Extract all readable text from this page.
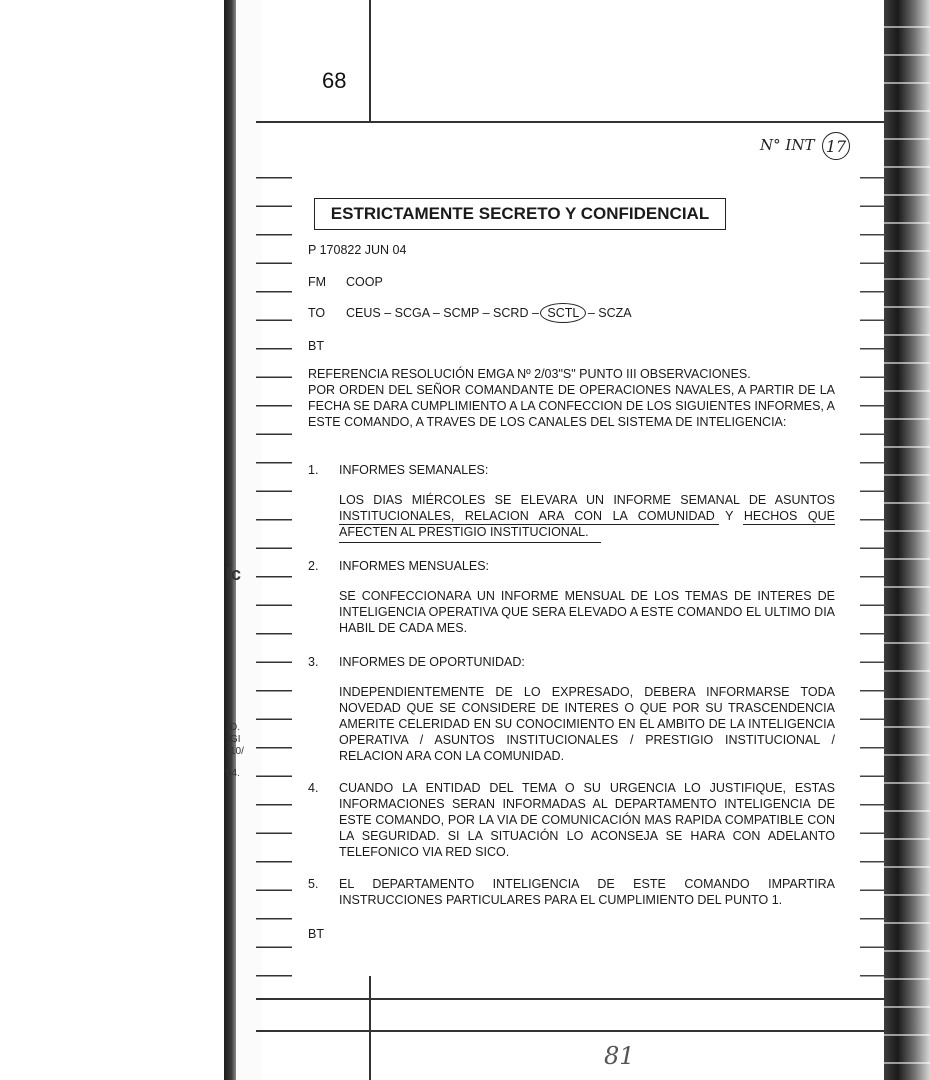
Ic
D.
GI
10/
'04.
68
N° INT 17
ESTRICTAMENTE SECRETO Y CONFIDENCIAL
P 170822 JUN 04
FM COOP
TO CEUS – SCGA – SCMP – SCRD – SCTL – SCZA
BT
REFERENCIA RESOLUCIÓN EMGA Nº 2/03"S" PUNTO III OBSERVACIONES.
POR ORDEN DEL SEÑOR COMANDANTE DE OPERACIONES NAVALES, A PARTIR DE LA FECHA SE DARA CUMPLIMIENTO A LA CONFECCION DE LOS SIGUIENTES INFORMES, A ESTE COMANDO, A TRAVES DE LOS CANALES DEL SISTEMA DE INTELIGENCIA:
1. INFORMES SEMANALES:
LOS DIAS MIÉRCOLES SE ELEVARA UN INFORME SEMANAL DE ASUNTOS INSTITUCIONALES, RELACION ARA CON LA COMUNIDAD Y HECHOS QUE AFECTEN AL PRESTIGIO INSTITUCIONAL.
2. INFORMES MENSUALES:
SE CONFECCIONARA UN INFORME MENSUAL DE LOS TEMAS DE INTERES DE INTELIGENCIA OPERATIVA QUE SERA ELEVADO A ESTE COMANDO EL ULTIMO DIA HABIL DE CADA MES.
3. INFORMES DE OPORTUNIDAD:
INDEPENDIENTEMENTE DE LO EXPRESADO, DEBERA INFORMARSE TODA NOVEDAD QUE SE CONSIDERE DE INTERES O QUE POR SU TRASCENDENCIA AMERITE CELERIDAD EN SU CONOCIMIENTO EN EL AMBITO DE LA INTELIGENCIA OPERATIVA / ASUNTOS INSTITUCIONALES / PRESTIGIO INSTITUCIONAL / RELACION ARA CON LA COMUNIDAD.
4. CUANDO LA ENTIDAD DEL TEMA O SU URGENCIA LO JUSTIFIQUE, ESTAS INFORMACIONES SERAN INFORMADAS AL DEPARTAMENTO INTELIGENCIA DE ESTE COMANDO, POR LA VIA DE COMUNICACIÓN MAS RAPIDA COMPATIBLE CON LA SEGURIDAD. SI LA SITUACIÓN LO ACONSEJA SE HARA CON ADELANTO TELEFONICO VIA RED SICO.
5. EL DEPARTAMENTO INTELIGENCIA DE ESTE COMANDO IMPARTIRA INSTRUCCIONES PARTICULARES PARA EL CUMPLIMIENTO DEL PUNTO 1.
BT
81
